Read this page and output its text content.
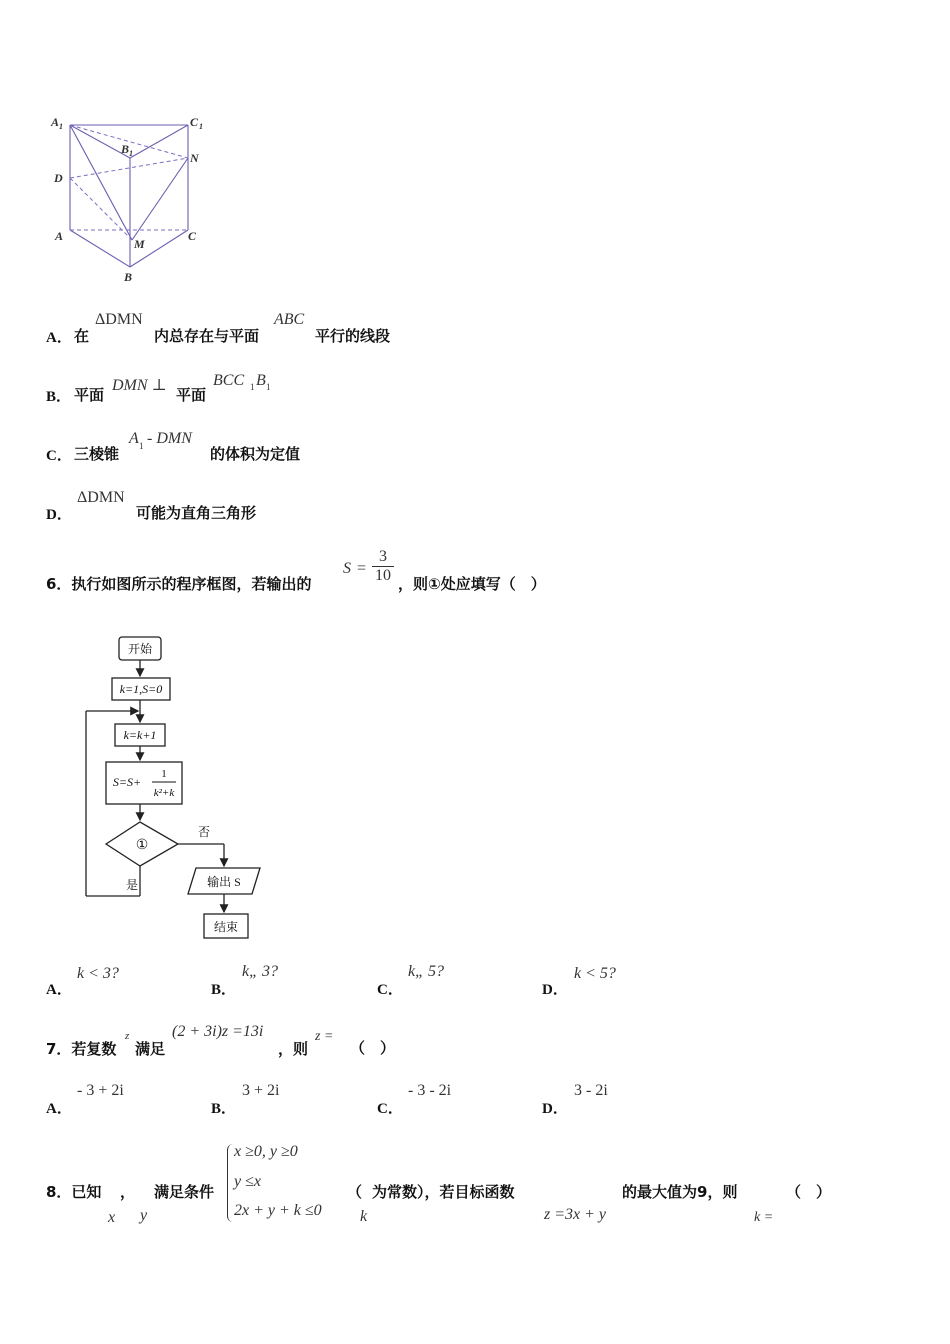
A 1	C 1
B 1	N
D
A
M
C
B
A． 在
ΔDMN
内总存在与平面
ABC
平行的线段
B． 平面
DMN ⊥
平面
BCC 1 B 1
C． 三棱锥
A 1 - DMN
的体积为定值
D．
ΔDMN
可能为直角三角形
6．执行如图所示的程序框图，若输出的
S =
3
10 ，则①处应填写（　）
开始
k=1,S=0
k=k+1
S=S+
1
k²+k
①
否
是	输出 S
结束
A．
k < 3?
B．
k„ 3?
C．
k„ 5?
D．
k < 5?
7．若复数
z
满足
(2 + 3i)z =13i
，则
z =
（　）
A．
- 3 + 2i
B．
3 + 2i
C．
- 3 - 2i
D．
3 - 2i
8．已知
x
，
y
满足条件
x ≥0, y ≥0
y ≤x
2x + y + k ≤0
（
k
为常数），若目标函数
z =3x + y
的最大值为9，则
k =
（　）
